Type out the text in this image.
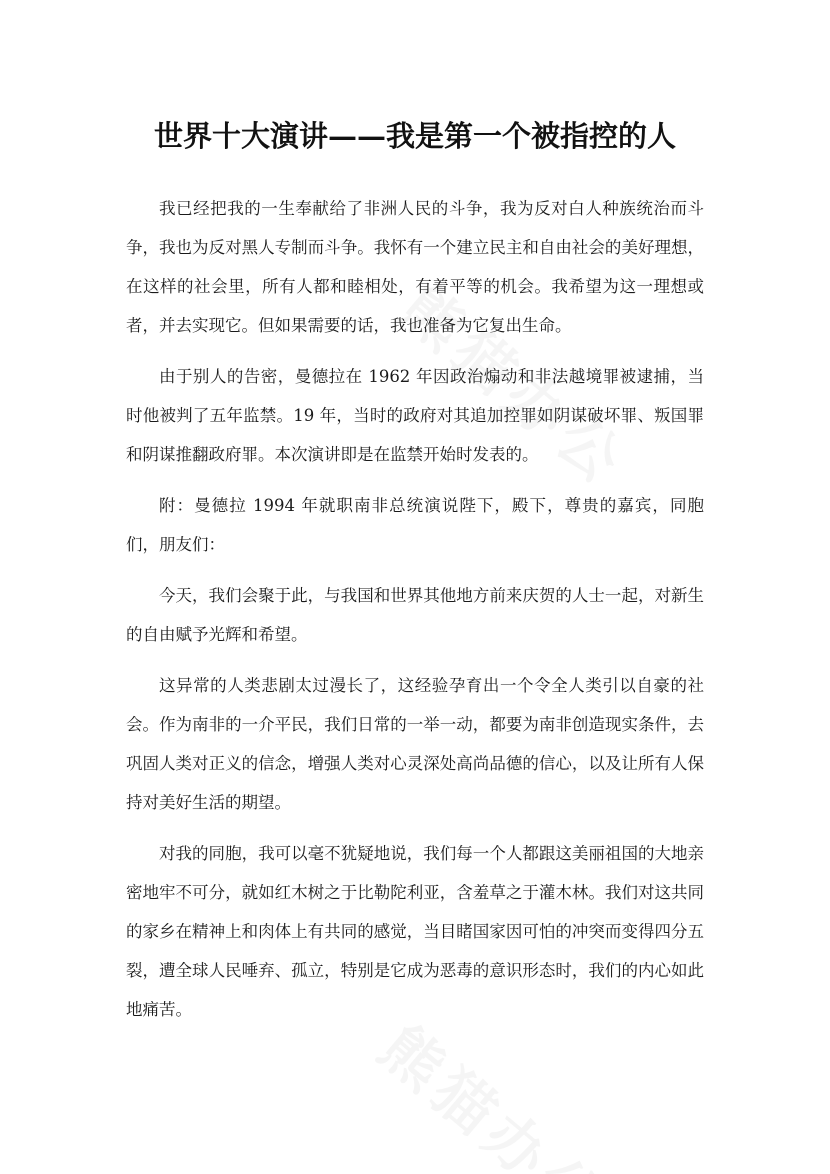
世界十大演讲——我是第一个被指控的人

我已经把我的一生奉献给了非洲人民的斗争，我为反对白人种族统治而斗争，我也为反对黑人专制而斗争。我怀有一个建立民主和自由社会的美好理想，在这样的社会里，所有人都和睦相处，有着平等的机会。我希望为这一理想或者，并去实现它。但如果需要的话，我也准备为它复出生命。

由于别人的告密，曼德拉在 1962 年因政治煽动和非法越境罪被逮捕，当时他被判了五年监禁。19 年，当时的政府对其追加控罪如阴谋破坏罪、叛国罪和阴谋推翻政府罪。本次演讲即是在监禁开始时发表的。

附：曼德拉 1994 年就职南非总统演说陛下，殿下，尊贵的嘉宾，同胞们，朋友们：

今天，我们会聚于此，与我国和世界其他地方前来庆贺的人士一起，对新生的自由赋予光辉和希望。

这异常的人类悲剧太过漫长了，这经验孕育出一个令全人类引以自豪的社会。作为南非的一介平民，我们日常的一举一动，都要为南非创造现实条件，去巩固人类对正义的信念，增强人类对心灵深处高尚品德的信心，以及让所有人保持对美好生活的期望。

对我的同胞，我可以毫不犹疑地说，我们每一个人都跟这美丽祖国的大地亲密地牢不可分，就如红木树之于比勒陀利亚，含羞草之于灌木林。我们对这共同的家乡在精神上和肉体上有共同的感觉，当目睹国家因可怕的冲突而变得四分五裂，遭全球人民唾弃、孤立，特别是它成为恶毒的意识形态时，我们的内心如此地痛苦。
